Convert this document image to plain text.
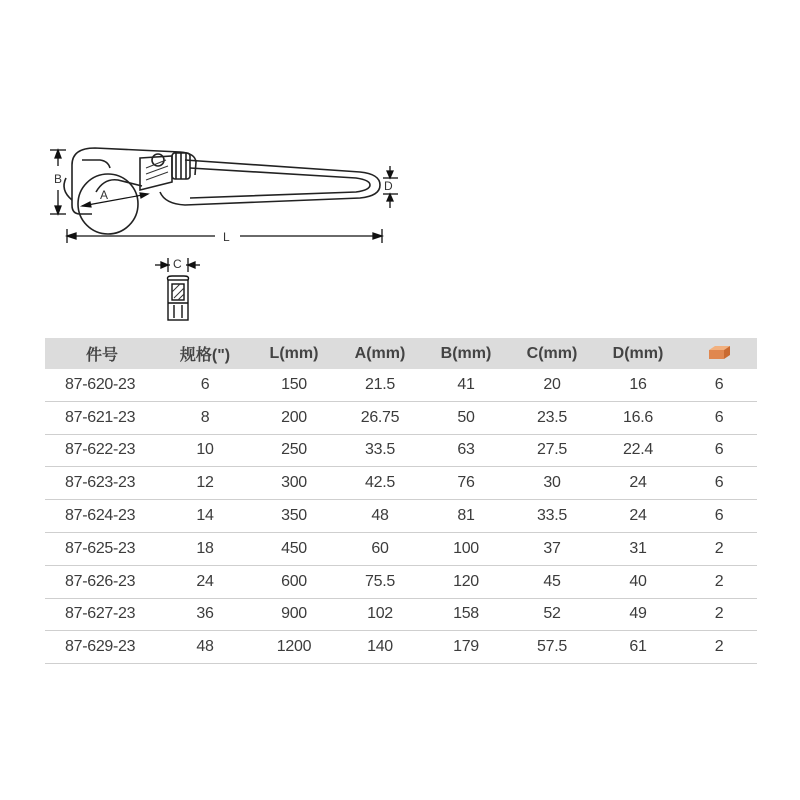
B
A
L
D
C
件号	规格(")	L(mm)	A(mm)	B(mm)	C(mm)	D(mm)	
87-620-23	6	150	21.5	41	20	16	6
87-621-23	8	200	26.75	50	23.5	16.6	6
87-622-23	10	250	33.5	63	27.5	22.4	6
87-623-23	12	300	42.5	76	30	24	6
87-624-23	14	350	48	81	33.5	24	6
87-625-23	18	450	60	100	37	31	2
87-626-23	24	600	75.5	120	45	40	2
87-627-23	36	900	102	158	52	49	2
87-629-23	48	1200	140	179	57.5	61	2
